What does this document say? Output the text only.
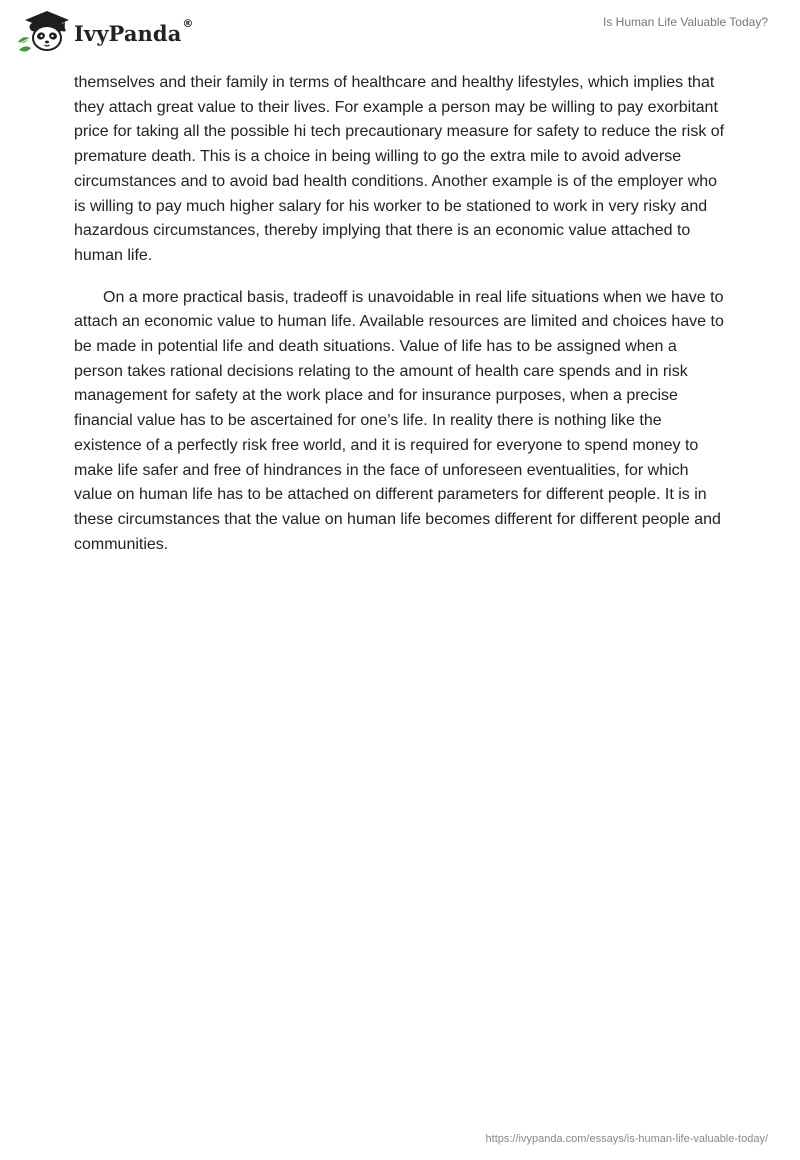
IvyPanda®	Is Human Life Valuable Today?

themselves and their family in terms of healthcare and healthy lifestyles, which implies that they attach great value to their lives. For example a person may be willing to pay exorbitant price for taking all the possible hi tech precautionary measure for safety to reduce the risk of premature death. This is a choice in being willing to go the extra mile to avoid adverse circumstances and to avoid bad health conditions. Another example is of the employer who is willing to pay much higher salary for his worker to be stationed to work in very risky and hazardous circumstances, thereby implying that there is an economic value attached to human life.

On a more practical basis, tradeoff is unavoidable in real life situations when we have to attach an economic value to human life. Available resources are limited and choices have to be made in potential life and death situations. Value of life has to be assigned when a person takes rational decisions relating to the amount of health care spends and in risk management for safety at the work place and for insurance purposes, when a precise financial value has to be ascertained for one’s life. In reality there is nothing like the existence of a perfectly risk free world, and it is required for everyone to spend money to make life safer and free of hindrances in the face of unforeseen eventualities, for which value on human life has to be attached on different parameters for different people. It is in these circumstances that the value on human life becomes different for different people and communities.

https://ivypanda.com/essays/is-human-life-valuable-today/
